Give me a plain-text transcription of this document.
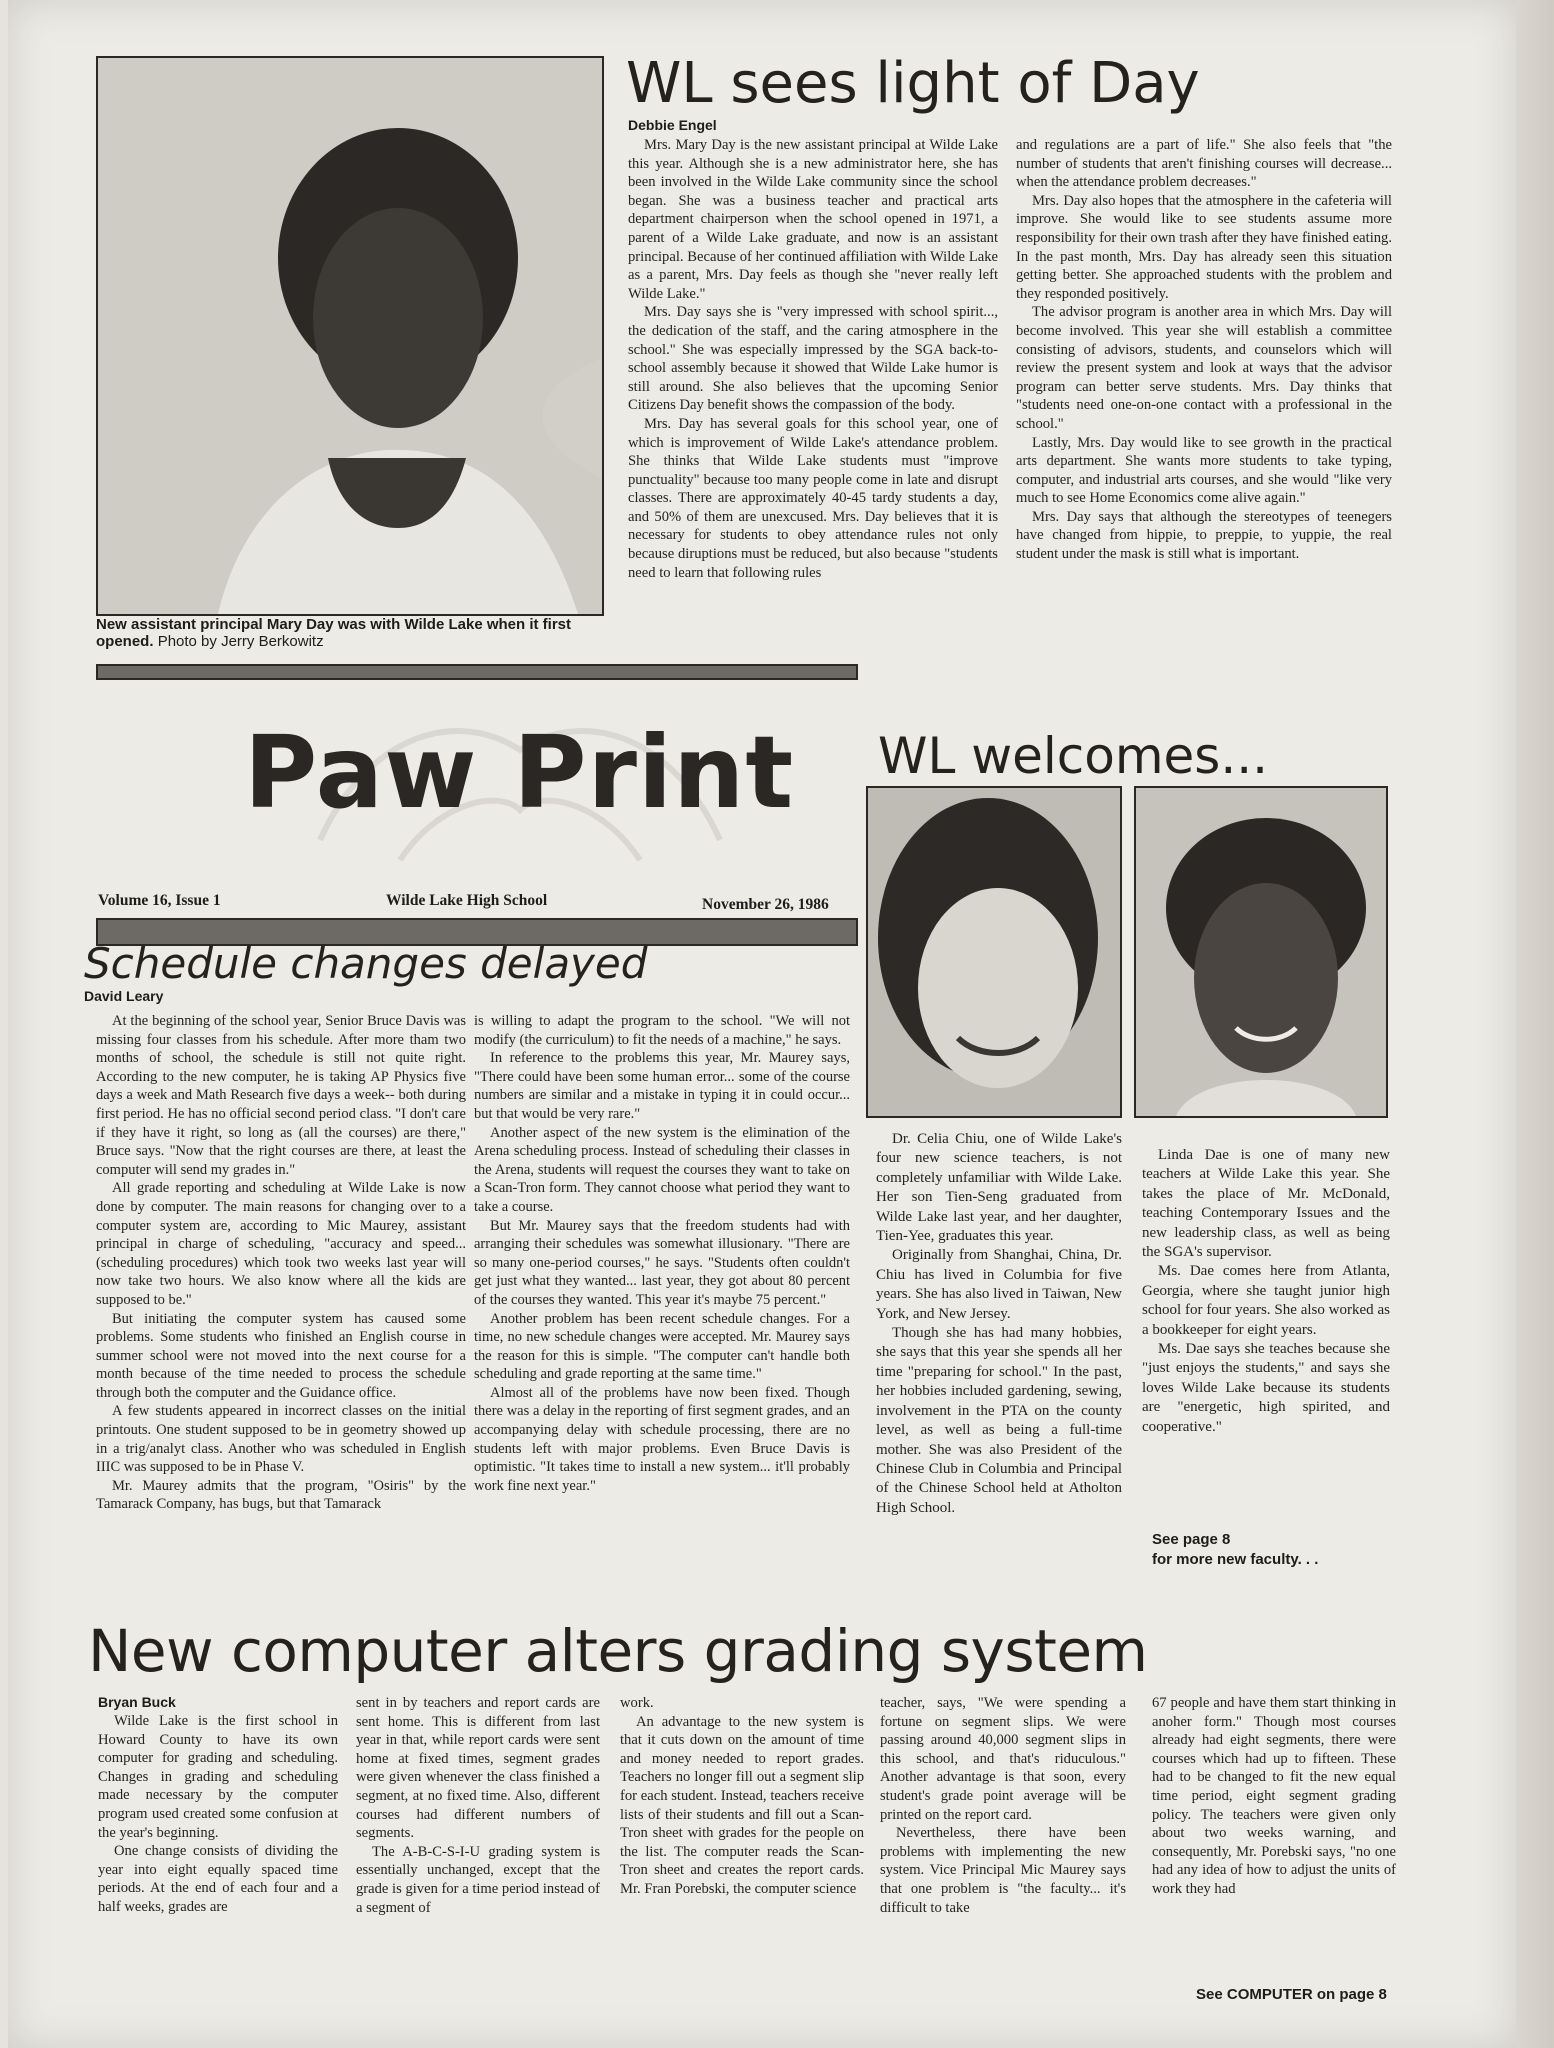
New assistant principal Mary Day was with Wilde Lake when it first opened. Photo by Jerry Berkowitz
WL sees light of Day
Debbie Engel

Mrs. Mary Day is the new assistant principal at Wilde Lake this year. Although she is a new administrator here, she has been involved in the Wilde Lake community since the school began. She was a business teacher and practical arts department chairperson when the school opened in 1971, a parent of a Wilde Lake graduate, and now is an assistant principal. Because of her continued affiliation with Wilde Lake as a parent, Mrs. Day feels as though she "never really left Wilde Lake."

Mrs. Day says she is "very impressed with school spirit..., the dedication of the staff, and the caring atmosphere in the school." She was especially impressed by the SGA back-to-school assembly because it showed that Wilde Lake humor is still around. She also believes that the upcoming Senior Citizens Day benefit shows the compassion of the body.

Mrs. Day has several goals for this school year, one of which is improvement of Wilde Lake's attendance problem. She thinks that Wilde Lake students must "improve punctuality" because too many people come in late and disrupt classes. There are approximately 40-45 tardy students a day, and 50% of them are unexcused. Mrs. Day believes that it is necessary for students to obey attendance rules not only because diruptions must be reduced, but also because "students need to learn that following rules

and regulations are a part of life." She also feels that "the number of students that aren't finishing courses will decrease... when the attendance problem decreases."

Mrs. Day also hopes that the atmosphere in the cafeteria will improve. She would like to see students assume more responsibility for their own trash after they have finished eating. In the past month, Mrs. Day has already seen this situation getting better. She approached students with the problem and they responded positively.

The advisor program is another area in which Mrs. Day will become involved. This year she will establish a committee consisting of advisors, students, and counselors which will review the present system and look at ways that the advisor program can better serve students. Mrs. Day thinks that "students need one-on-one contact with a professional in the school."

Lastly, Mrs. Day would like to see growth in the practical arts department. She wants more students to take typing, computer, and industrial arts courses, and she would "like very much to see Home Economics come alive again."

Mrs. Day says that although the stereotypes of teenegers have changed from hippie, to preppie, to yuppie, the real student under the mask is still what is important.

Paw Print
Volume 16, Issue 1	Wilde Lake High School	November 26, 1986
Schedule changes delayed
David Leary

At the beginning of the school year, Senior Bruce Davis was missing four classes from his schedule. After more tham two months of school, the schedule is still not quite right. According to the new computer, he is taking AP Physics five days a week and Math Research five days a week-- both during first period. He has no official second period class. "I don't care if they have it right, so long as (all the courses) are there," Bruce says. "Now that the right courses are there, at least the computer will send my grades in."

All grade reporting and scheduling at Wilde Lake is now done by computer. The main reasons for changing over to a computer system are, according to Mic Maurey, assistant principal in charge of scheduling, "accuracy and speed... (scheduling procedures) which took two weeks last year will now take two hours. We also know where all the kids are supposed to be."

But initiating the computer system has caused some problems. Some students who finished an English course in summer school were not moved into the next course for a month because of the time needed to process the schedule through both the computer and the Guidance office.

A few students appeared in incorrect classes on the initial printouts. One student supposed to be in geometry showed up in a trig/analyt class. Another who was scheduled in English IIIC was supposed to be in Phase V.

Mr. Maurey admits that the program, "Osiris" by the Tamarack Company, has bugs, but that Tamarack

is willing to adapt the program to the school. "We will not modify (the curriculum) to fit the needs of a machine," he says.

In reference to the problems this year, Mr. Maurey says, "There could have been some human error... some of the course numbers are similar and a mistake in typing it in could occur... but that would be very rare."

Another aspect of the new system is the elimination of the Arena scheduling process. Instead of scheduling their classes in the Arena, students will request the courses they want to take on a Scan-Tron form. They cannot choose what period they want to take a course.

But Mr. Maurey says that the freedom students had with arranging their schedules was somewhat illusionary. "There are so many one-period courses," he says. "Students often couldn't get just what they wanted... last year, they got about 80 percent of the courses they wanted. This year it's maybe 75 percent."

Another problem has been recent schedule changes. For a time, no new schedule changes were accepted. Mr. Maurey says the reason for this is simple. "The computer can't handle both scheduling and grade reporting at the same time."

Almost all of the problems have now been fixed. Though there was a delay in the reporting of first segment grades, and an accompanying delay with schedule processing, there are no students left with major problems. Even Bruce Davis is optimistic. "It takes time to install a new system... it'll probably work fine next year."

WL welcomes...

Dr. Celia Chiu, one of Wilde Lake's four new science teachers, is not completely unfamiliar with Wilde Lake. Her son Tien-Seng graduated from Wilde Lake last year, and her daughter, Tien-Yee, graduates this year.

Originally from Shanghai, China, Dr. Chiu has lived in Columbia for five years. She has also lived in Taiwan, New York, and New Jersey.

Though she has had many hobbies, she says that this year she spends all her time "preparing for school." In the past, her hobbies included gardening, sewing, involvement in the PTA on the county level, as well as being a full-time mother. She was also President of the Chinese Club in Columbia and Principal of the Chinese School held at Atholton High School.

Linda Dae is one of many new teachers at Wilde Lake this year. She takes the place of Mr. McDonald, teaching Contemporary Issues and the new leadership class, as well as being the SGA's supervisor.

Ms. Dae comes here from Atlanta, Georgia, where she taught junior high school for four years. She also worked as a bookkeeper for eight years.

Ms. Dae says she teaches because she "just enjoys the students," and says she loves Wilde Lake because its students are "energetic, high spirited, and cooperative."

See page 8
for more new faculty. . .
New computer alters grading system
Bryan Buck

Wilde Lake is the first school in Howard County to have its own computer for grading and scheduling. Changes in grading and scheduling made necessary by the computer program used created some confusion at the year's beginning.

One change consists of dividing the year into eight equally spaced time periods. At the end of each four and a half weeks, grades are

sent in by teachers and report cards are sent home. This is different from last year in that, while report cards were sent home at fixed times, segment grades were given whenever the class finished a segment, at no fixed time. Also, different courses had different numbers of segments.

The A-B-C-S-I-U grading system is essentially unchanged, except that the grade is given for a time period instead of a segment of

work.

An advantage to the new system is that it cuts down on the amount of time and money needed to report grades. Teachers no longer fill out a segment slip for each student. Instead, teachers receive lists of their students and fill out a Scan-Tron sheet with grades for the people on the list. The computer reads the Scan-Tron sheet and creates the report cards. Mr. Fran Porebski, the computer science

teacher, says, "We were spending a fortune on segment slips. We were passing around 40,000 segment slips in this school, and that's riduculous." Another advantage is that soon, every student's grade point average will be printed on the report card.

Nevertheless, there have been problems with implementing the new system. Vice Principal Mic Maurey says that one problem is "the faculty... it's difficult to take

67 people and have them start thinking in anoher form." Though most courses already had eight segments, there were courses which had up to fifteen. These had to be changed to fit the new equal time period, eight segment grading policy. The teachers were given only about two weeks warning, and consequently, Mr. Porebski says, "no one had any idea of how to adjust the units of work they had

See COMPUTER on page 8
